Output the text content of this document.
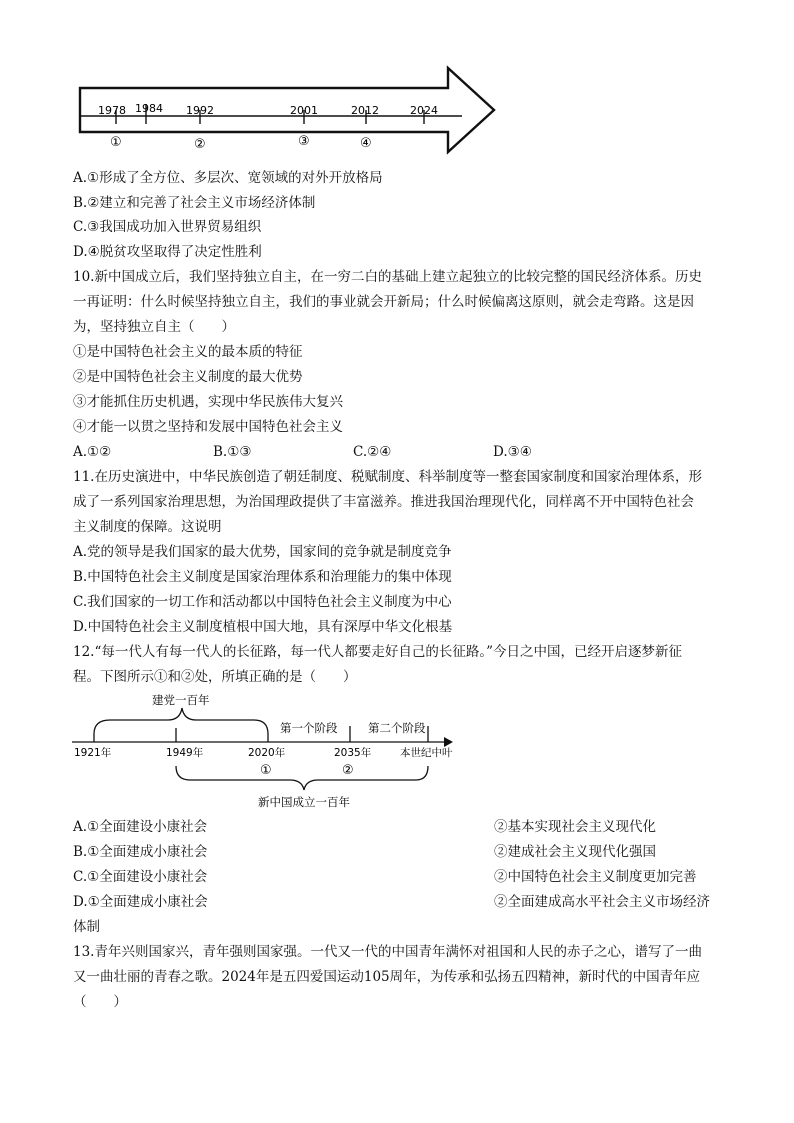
1978 1984 1992	2001	2012	2024
①	②	③	④
A.①形成了全方位、多层次、宽领域的对外开放格局
B.②建立和完善了社会主义市场经济体制
C.③我国成功加入世界贸易组织
D.④脱贫攻坚取得了决定性胜利
10.新中国成立后，我们坚持独立自主，在一穷二白的基础上建立起独立的比较完整的国民经济体系。历史
一再证明：什么时候坚持独立自主，我们的事业就会开新局；什么时候偏离这原则，就会走弯路。这是因
为，坚持独立自主（　　）
①是中国特色社会主义的最本质的特征
②是中国特色社会主义制度的最大优势
③才能抓住历史机遇，实现中华民族伟大复兴
④才能一以贯之坚持和发展中国特色社会主义
A.①②	B.①③	C.②④	D.③④
11.在历史演进中，中华民族创造了朝廷制度、税赋制度、科举制度等一整套国家制度和国家治理体系，形
成了一系列国家治理思想，为治国理政提供了丰富滋养。推进我国治理现代化，同样离不开中国特色社会
主义制度的保障。这说明
A.党的领导是我们国家的最大优势，国家间的竞争就是制度竞争
B.中国特色社会主义制度是国家治理体系和治理能力的集中体现
C.我们国家的一切工作和活动都以中国特色社会主义制度为中心
D.中国特色社会主义制度植根中国大地，具有深厚中华文化根基
12.“每一代人有每一代人的长征路，每一代人都要走好自己的长征路。”今日之中国，已经开启逐梦新征
程。下图所示①和②处，所填正确的是（　　）
建党一百年
第一个阶段	第二个阶段
1921年	1949年	2020年	2035年	本世纪中叶
①	②
新中国成立一百年
A.①全面建设小康社会	②基本实现社会主义现代化
B.①全面建成小康社会	②建成社会主义现代化强国
C.①全面建设小康社会	②中国特色社会主义制度更加完善
D.①全面建成小康社会	②全面建成高水平社会主义市场经济
体制
13.青年兴则国家兴，青年强则国家强。一代又一代的中国青年满怀对祖国和人民的赤子之心，谱写了一曲
又一曲壮丽的青春之歌。2024年是五四爱国运动105周年，为传承和弘扬五四精神，新时代的中国青年应
（　　）
